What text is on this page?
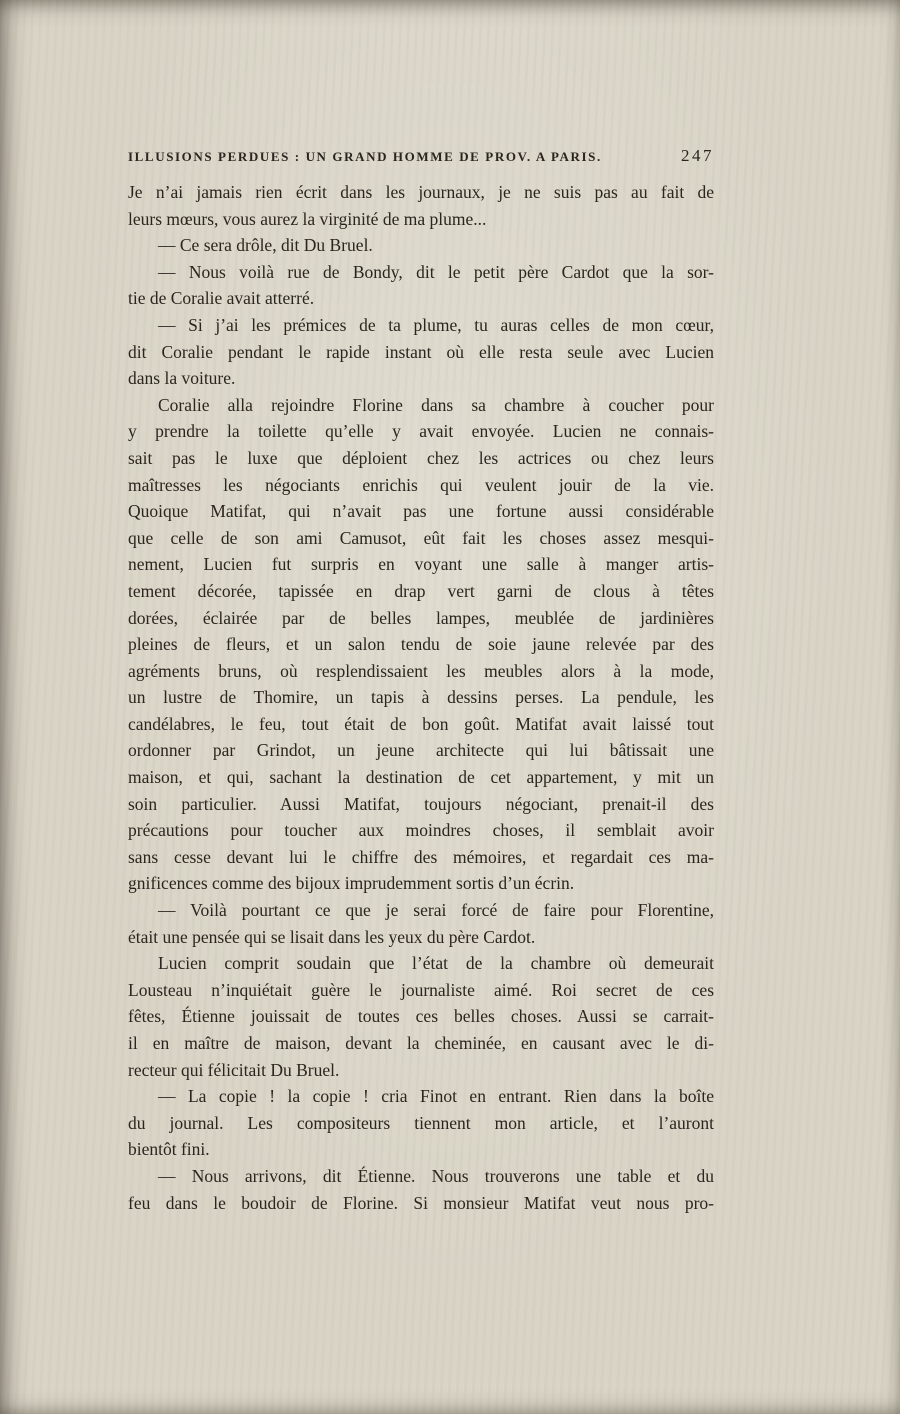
ILLUSIONS PERDUES : UN GRAND HOMME DE PROV. A PARIS.	247
Je n’ai jamais rien écrit dans les journaux, je ne suis pas au fait de
leurs mœurs, vous aurez la virginité de ma plume...
— Ce sera drôle, dit Du Bruel.
— Nous voilà rue de Bondy, dit le petit père Cardot que la sor-
tie de Coralie avait atterré.
— Si j’ai les prémices de ta plume, tu auras celles de mon cœur,
dit Coralie pendant le rapide instant où elle resta seule avec Lucien
dans la voiture.
Coralie alla rejoindre Florine dans sa chambre à coucher pour
y prendre la toilette qu’elle y avait envoyée. Lucien ne connais-
sait pas le luxe que déploient chez les actrices ou chez leurs
maîtresses les négociants enrichis qui veulent jouir de la vie.
Quoique Matifat, qui n’avait pas une fortune aussi considérable
que celle de son ami Camusot, eût fait les choses assez mesqui-
nement, Lucien fut surpris en voyant une salle à manger artis-
tement décorée, tapissée en drap vert garni de clous à têtes
dorées, éclairée par de belles lampes, meublée de jardinières
pleines de fleurs, et un salon tendu de soie jaune relevée par des
agréments bruns, où resplendissaient les meubles alors à la mode,
un lustre de Thomire, un tapis à dessins perses. La pendule, les
candélabres, le feu, tout était de bon goût. Matifat avait laissé tout
ordonner par Grindot, un jeune architecte qui lui bâtissait une
maison, et qui, sachant la destination de cet appartement, y mit un
soin particulier. Aussi Matifat, toujours négociant, prenait-il des
précautions pour toucher aux moindres choses, il semblait avoir
sans cesse devant lui le chiffre des mémoires, et regardait ces ma-
gnificences comme des bijoux imprudemment sortis d’un écrin.
— Voilà pourtant ce que je serai forcé de faire pour Florentine,
était une pensée qui se lisait dans les yeux du père Cardot.
Lucien comprit soudain que l’état de la chambre où demeurait
Lousteau n’inquiétait guère le journaliste aimé. Roi secret de ces
fêtes, Étienne jouissait de toutes ces belles choses. Aussi se carrait-
il en maître de maison, devant la cheminée, en causant avec le di-
recteur qui félicitait Du Bruel.
— La copie ! la copie ! cria Finot en entrant. Rien dans la boîte
du journal. Les compositeurs tiennent mon article, et l’auront
bientôt fini.
— Nous arrivons, dit Étienne. Nous trouverons une table et du
feu dans le boudoir de Florine. Si monsieur Matifat veut nous pro-
